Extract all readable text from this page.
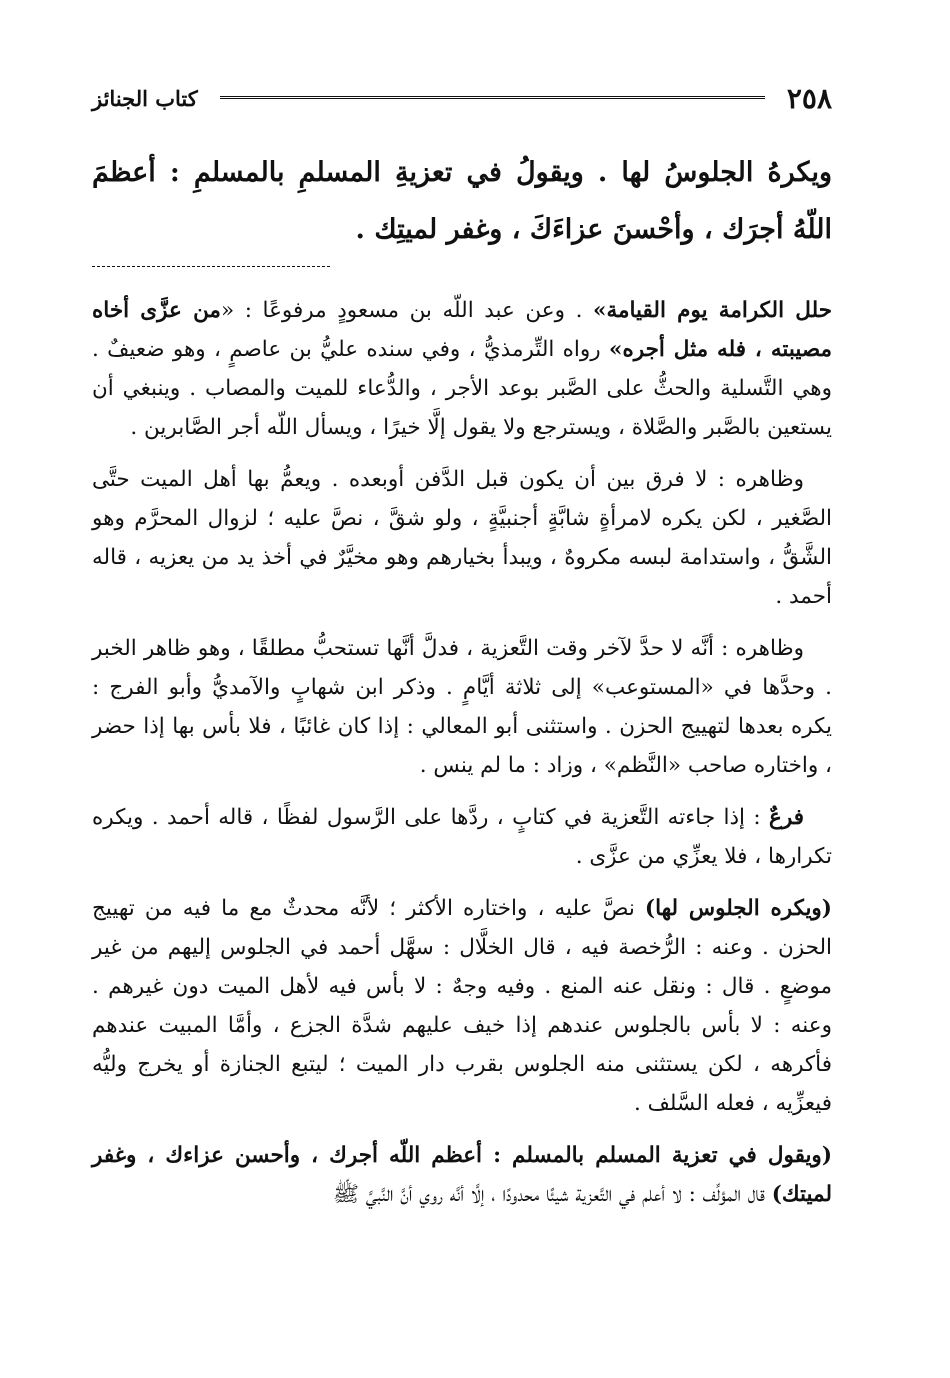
٢٥٨
كتاب الجنائز
ويكرهُ الجلوسُ لها . ويقولُ في تعزيةِ المسلمِ بالمسلمِ : أعظمَ اللّهُ أجرَك ، وأحْسنَ عزاءَكَ ، وغفر لميتِك .

حلل الكرامة يوم القيامة» . وعن عبد اللّه بن مسعودٍ مرفوعًا : «من عزَّى أخاه مصيبته ، فله مثل أجره» رواه التِّرمذيُّ ، وفي سنده عليُّ بن عاصمٍ ، وهو ضعيفٌ . وهي التَّسلية والحثُّ على الصَّبر بوعد الأجر ، والدُّعاء للميت والمصاب . وينبغي أن يستعين بالصَّبر والصَّلاة ، ويسترجع ولا يقول إلَّا خيرًا ، ويسأل اللّه أجر الصَّابرين .

وظاهره : لا فرق بين أن يكون قبل الدَّفن أوبعده . ويعمُّ بها أهل الميت حتَّى الصَّغير ، لكن يكره لامرأةٍ شابَّةٍ أجنبيَّةٍ ، ولو شقَّ ، نصَّ عليه ؛ لزوال المحرَّم وهو الشَّقُّ ، واستدامة لبسه مكروهٌ ، ويبدأ بخيارهم وهو مخيَّرٌ في أخذ يد من يعزيه ، قاله أحمد .

وظاهره : أنَّه لا حدَّ لآخر وقت التَّعزية ، فدلَّ أنَّها تستحبُّ مطلقًا ، وهو ظاهر الخبر . وحدَّها في «المستوعب» إلى ثلاثة أيَّامٍ . وذكر ابن شهابٍ والآمديُّ وأبو الفرج : يكره بعدها لتهييج الحزن . واستثنى أبو المعالي : إذا كان غائبًا ، فلا بأس بها إذا حضر ، واختاره صاحب «النَّظم» ، وزاد : ما لم ينس .

فرعٌ : إذا جاءته التَّعزية في كتابٍ ، ردَّها على الرَّسول لفظًا ، قاله أحمد . ويكره تكرارها ، فلا يعزِّي من عزَّى .

(ويكره الجلوس لها) نصَّ عليه ، واختاره الأكثر ؛ لأنَّه محدثٌ مع ما فيه من تهييج الحزن . وعنه : الرُّخصة فيه ، قال الخلَّال : سهَّل أحمد في الجلوس إليهم من غير موضعٍ . قال : ونقل عنه المنع . وفيه وجهٌ : لا بأس فيه لأهل الميت دون غيرهم . وعنه : لا بأس بالجلوس عندهم إذا خيف عليهم شدَّة الجزع ، وأمَّا المبيت عندهم فأكرهه ، لكن يستثنى منه الجلوس بقرب دار الميت ؛ ليتبع الجنازة أو يخرج وليُّه فيعزِّيه ، فعله السَّلف .

(ويقول في تعزية المسلم بالمسلم : أعظم اللّه أجرك ، وأحسن عزاءك ، وغفر لميتك) قال المؤلِّف : لا أعلم في التَّعزية شيئًا محدودًا ، إلَّا أنَّه روي أنَّ النَّبيَّ ﷺ
